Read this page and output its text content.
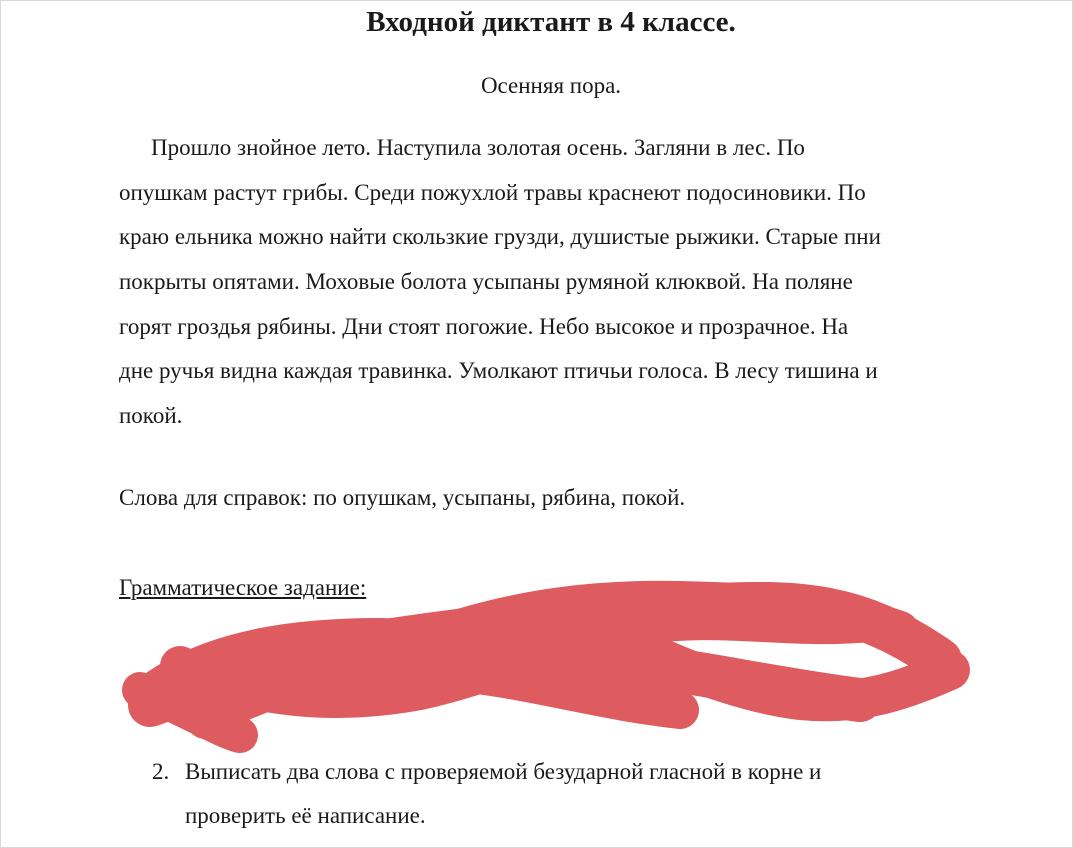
Входной диктант в 4 классе.

Осенняя пора.

Прошло знойное лето. Наступила золотая осень. Загляни в лес. По
опушкам растут грибы. Среди пожухлой травы краснеют подосиновики. По
краю ельника можно найти скользкие грузди, душистые рыжики. Старые пни
покрыты опятами. Моховые болота усыпаны румяной клюквой. На поляне
горят гроздья рябины. Дни стоят погожие. Небо высокое и прозрачное. На
дне ручья видна каждая травинка. Умолкают птичьи голоса. В лесу тишина и
покой.

Слова для справок: по опушкам, усыпаны, рябина, покой.

Грамматическое задание:

1.
2. Выписать два слова с проверяемой безударной гласной в корне и
проверить её написание.
